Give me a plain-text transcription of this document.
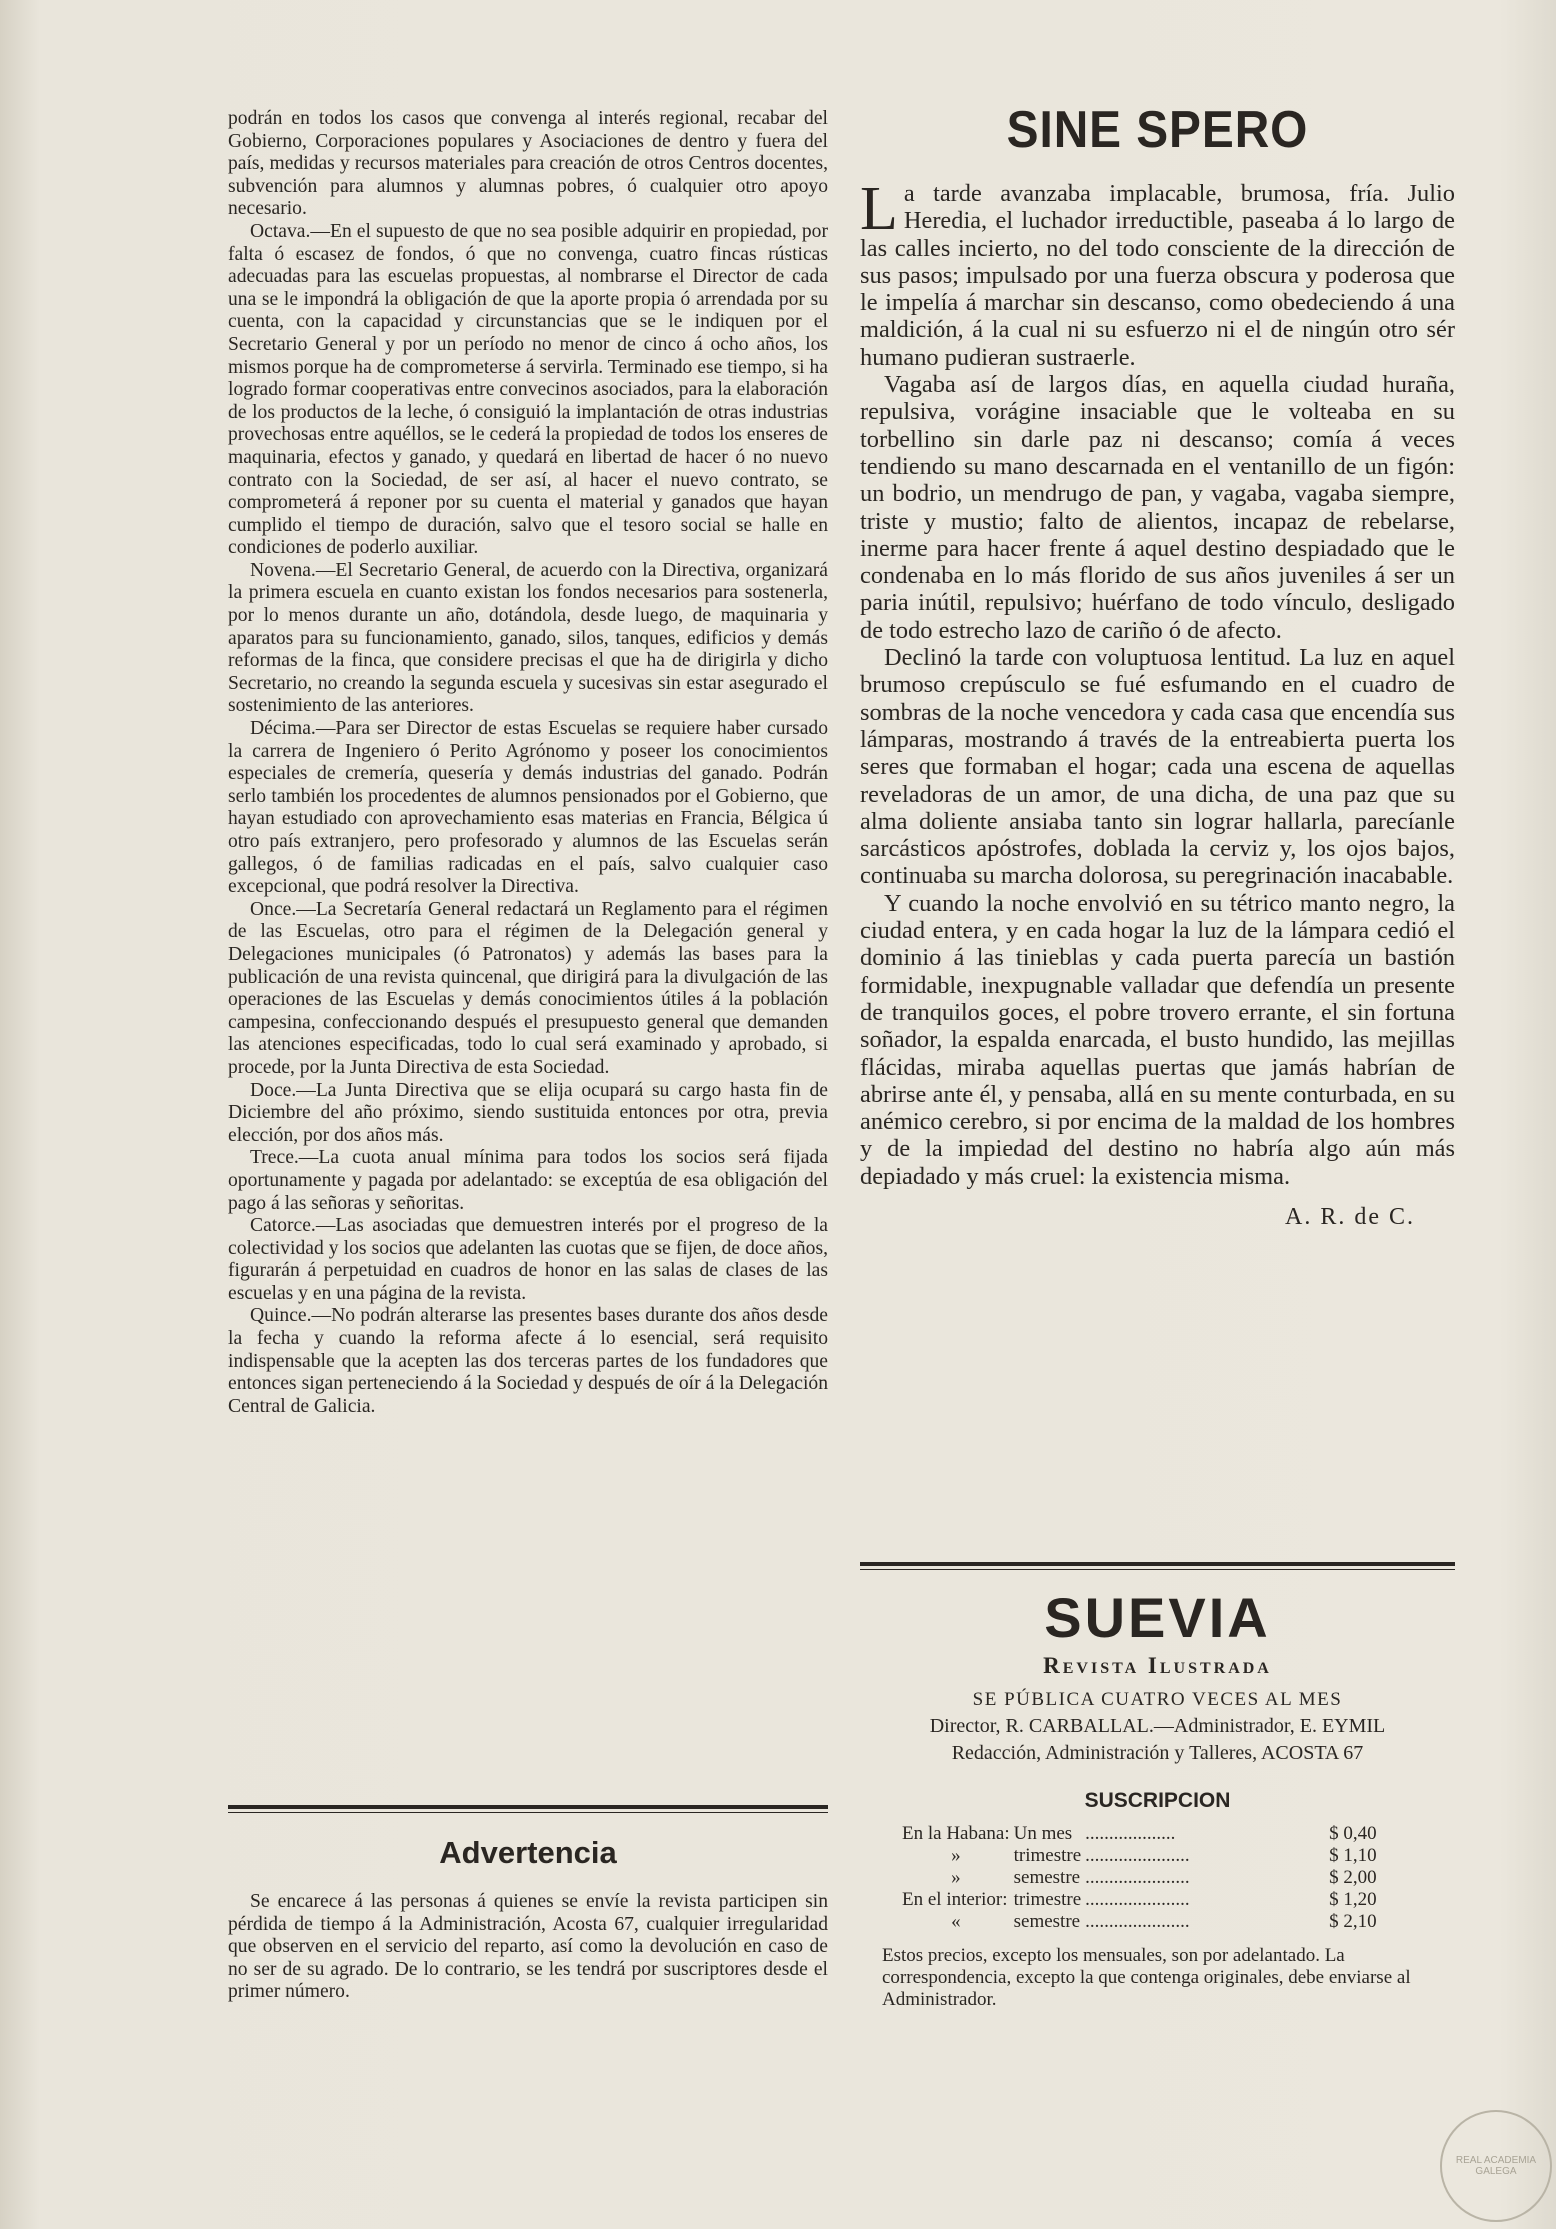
podrán en todos los casos que convenga al interés regional, recabar del Gobierno, Corporaciones populares y Asociaciones de dentro y fuera del país, medidas y recursos materiales para creación de otros Centros docentes, subvención para alumnos y alumnas pobres, ó cualquier otro apoyo necesario.

Octava.—En el supuesto de que no sea posible adquirir en propiedad, por falta ó escasez de fondos, ó que no convenga, cuatro fincas rústicas adecuadas para las escuelas propuestas, al nombrarse el Director de cada una se le impondrá la obligación de que la aporte propia ó arrendada por su cuenta, con la capacidad y circunstancias que se le indiquen por el Secretario General y por un período no menor de cinco á ocho años, los mismos porque ha de comprometerse á servirla. Terminado ese tiempo, si ha logrado formar cooperativas entre convecinos asociados, para la elaboración de los productos de la leche, ó consiguió la implantación de otras industrias provechosas entre aquéllos, se le cederá la propiedad de todos los enseres de maquinaria, efectos y ganado, y quedará en libertad de hacer ó no nuevo contrato con la Sociedad, de ser así, al hacer el nuevo contrato, se comprometerá á reponer por su cuenta el material y ganados que hayan cumplido el tiempo de duración, salvo que el tesoro social se halle en condiciones de poderlo auxiliar.

Novena.—El Secretario General, de acuerdo con la Directiva, organizará la primera escuela en cuanto existan los fondos necesarios para sostenerla, por lo menos durante un año, dotándola, desde luego, de maquinaria y aparatos para su funcionamiento, ganado, silos, tanques, edificios y demás reformas de la finca, que considere precisas el que ha de dirigirla y dicho Secretario, no creando la segunda escuela y sucesivas sin estar asegurado el sostenimiento de las anteriores.

Décima.—Para ser Director de estas Escuelas se requiere haber cursado la carrera de Ingeniero ó Perito Agrónomo y poseer los conocimientos especiales de cremería, quesería y demás industrias del ganado. Podrán serlo también los procedentes de alumnos pensionados por el Gobierno, que hayan estudiado con aprovechamiento esas materias en Francia, Bélgica ú otro país extranjero, pero profesorado y alumnos de las Escuelas serán gallegos, ó de familias radicadas en el país, salvo cualquier caso excepcional, que podrá resolver la Directiva.

Once.—La Secretaría General redactará un Reglamento para el régimen de las Escuelas, otro para el régimen de la Delegación general y Delegaciones municipales (ó Patronatos) y además las bases para la publicación de una revista quincenal, que dirigirá para la divulgación de las operaciones de las Escuelas y demás conocimientos útiles á la población campesina, confeccionando después el presupuesto general que demanden las atenciones especificadas, todo lo cual será examinado y aprobado, si procede, por la Junta Directiva de esta Sociedad.

Doce.—La Junta Directiva que se elija ocupará su cargo hasta fin de Diciembre del año próximo, siendo sustituida entonces por otra, previa elección, por dos años más.

Trece.—La cuota anual mínima para todos los socios será fijada oportunamente y pagada por adelantado: se exceptúa de esa obligación del pago á las señoras y señoritas.

Catorce.—Las asociadas que demuestren interés por el progreso de la colectividad y los socios que adelanten las cuotas que se fijen, de doce años, figurarán á perpetuidad en cuadros de honor en las salas de clases de las escuelas y en una página de la revista.

Quince.—No podrán alterarse las presentes bases durante dos años desde la fecha y cuando la reforma afecte á lo esencial, será requisito indispensable que la acepten las dos terceras partes de los fundadores que entonces sigan perteneciendo á la Sociedad y después de oír á la Delegación Central de Galicia.

Advertencia

Se encarece á las personas á quienes se envíe la revista participen sin pérdida de tiempo á la Administración, Acosta 67, cualquier irregularidad que observen en el servicio del reparto, así como la devolución en caso de no ser de su agrado. De lo contrario, se les tendrá por suscriptores desde el primer número.

SINE SPERO

La tarde avanzaba implacable, brumosa, fría. Julio Heredia, el luchador irreductible, paseaba á lo largo de las calles incierto, no del todo consciente de la dirección de sus pasos; impulsado por una fuerza obscura y poderosa que le impelía á marchar sin descanso, como obedeciendo á una maldición, á la cual ni su esfuerzo ni el de ningún otro sér humano pudieran sustraerle.

Vagaba así de largos días, en aquella ciudad huraña, repulsiva, vorágine insaciable que le volteaba en su torbellino sin darle paz ni descanso; comía á veces tendiendo su mano descarnada en el ventanillo de un figón: un bodrio, un mendrugo de pan, y vagaba, vagaba siempre, triste y mustio; falto de alientos, incapaz de rebelarse, inerme para hacer frente á aquel destino despiadado que le condenaba en lo más florido de sus años juveniles á ser un paria inútil, repulsivo; huérfano de todo vínculo, desligado de todo estrecho lazo de cariño ó de afecto.

Declinó la tarde con voluptuosa lentitud. La luz en aquel brumoso crepúsculo se fué esfumando en el cuadro de sombras de la noche vencedora y cada casa que encendía sus lámparas, mostrando á través de la entreabierta puerta los seres que formaban el hogar; cada una escena de aquellas reveladoras de un amor, de una dicha, de una paz que su alma doliente ansiaba tanto sin lograr hallarla, parecíanle sarcásticos apóstrofes, doblada la cerviz y, los ojos bajos, continuaba su marcha dolorosa, su peregrinación inacabable.

Y cuando la noche envolvió en su tétrico manto negro, la ciudad entera, y en cada hogar la luz de la lámpara cedió el dominio á las tinieblas y cada puerta parecía un bastión formidable, inexpugnable valladar que defendía un presente de tranquilos goces, el pobre trovero errante, el sin fortuna soñador, la espalda enarcada, el busto hundido, las mejillas flácidas, miraba aquellas puertas que jamás habrían de abrirse ante él, y pensaba, allá en su mente conturbada, en su anémico cerebro, si por encima de la maldad de los hombres y de la impiedad del destino no habría algo aún más depiadado y más cruel: la existencia misma.

A. R. de C.
SUEVIA
Revista Ilustrada
SE PÚBLICA CUATRO VECES AL MES
Director, R. CARBALLAL.—Administrador, E. EYMIL
Redacción, Administración y Talleres, ACOSTA 67
SUSCRIPCION
En la Habana:	Un mes	...................	$ 0,40
»	trimestre	......................	$ 1,10
»	semestre	......................	$ 2,00
En el interior:	trimestre	......................	$ 1,20
«	semestre	......................	$ 2,10

Estos precios, excepto los mensuales, son por adelantado. La correspondencia, excepto la que contenga originales, debe enviarse al Administrador.

REAL ACADEMIA GALEGA
